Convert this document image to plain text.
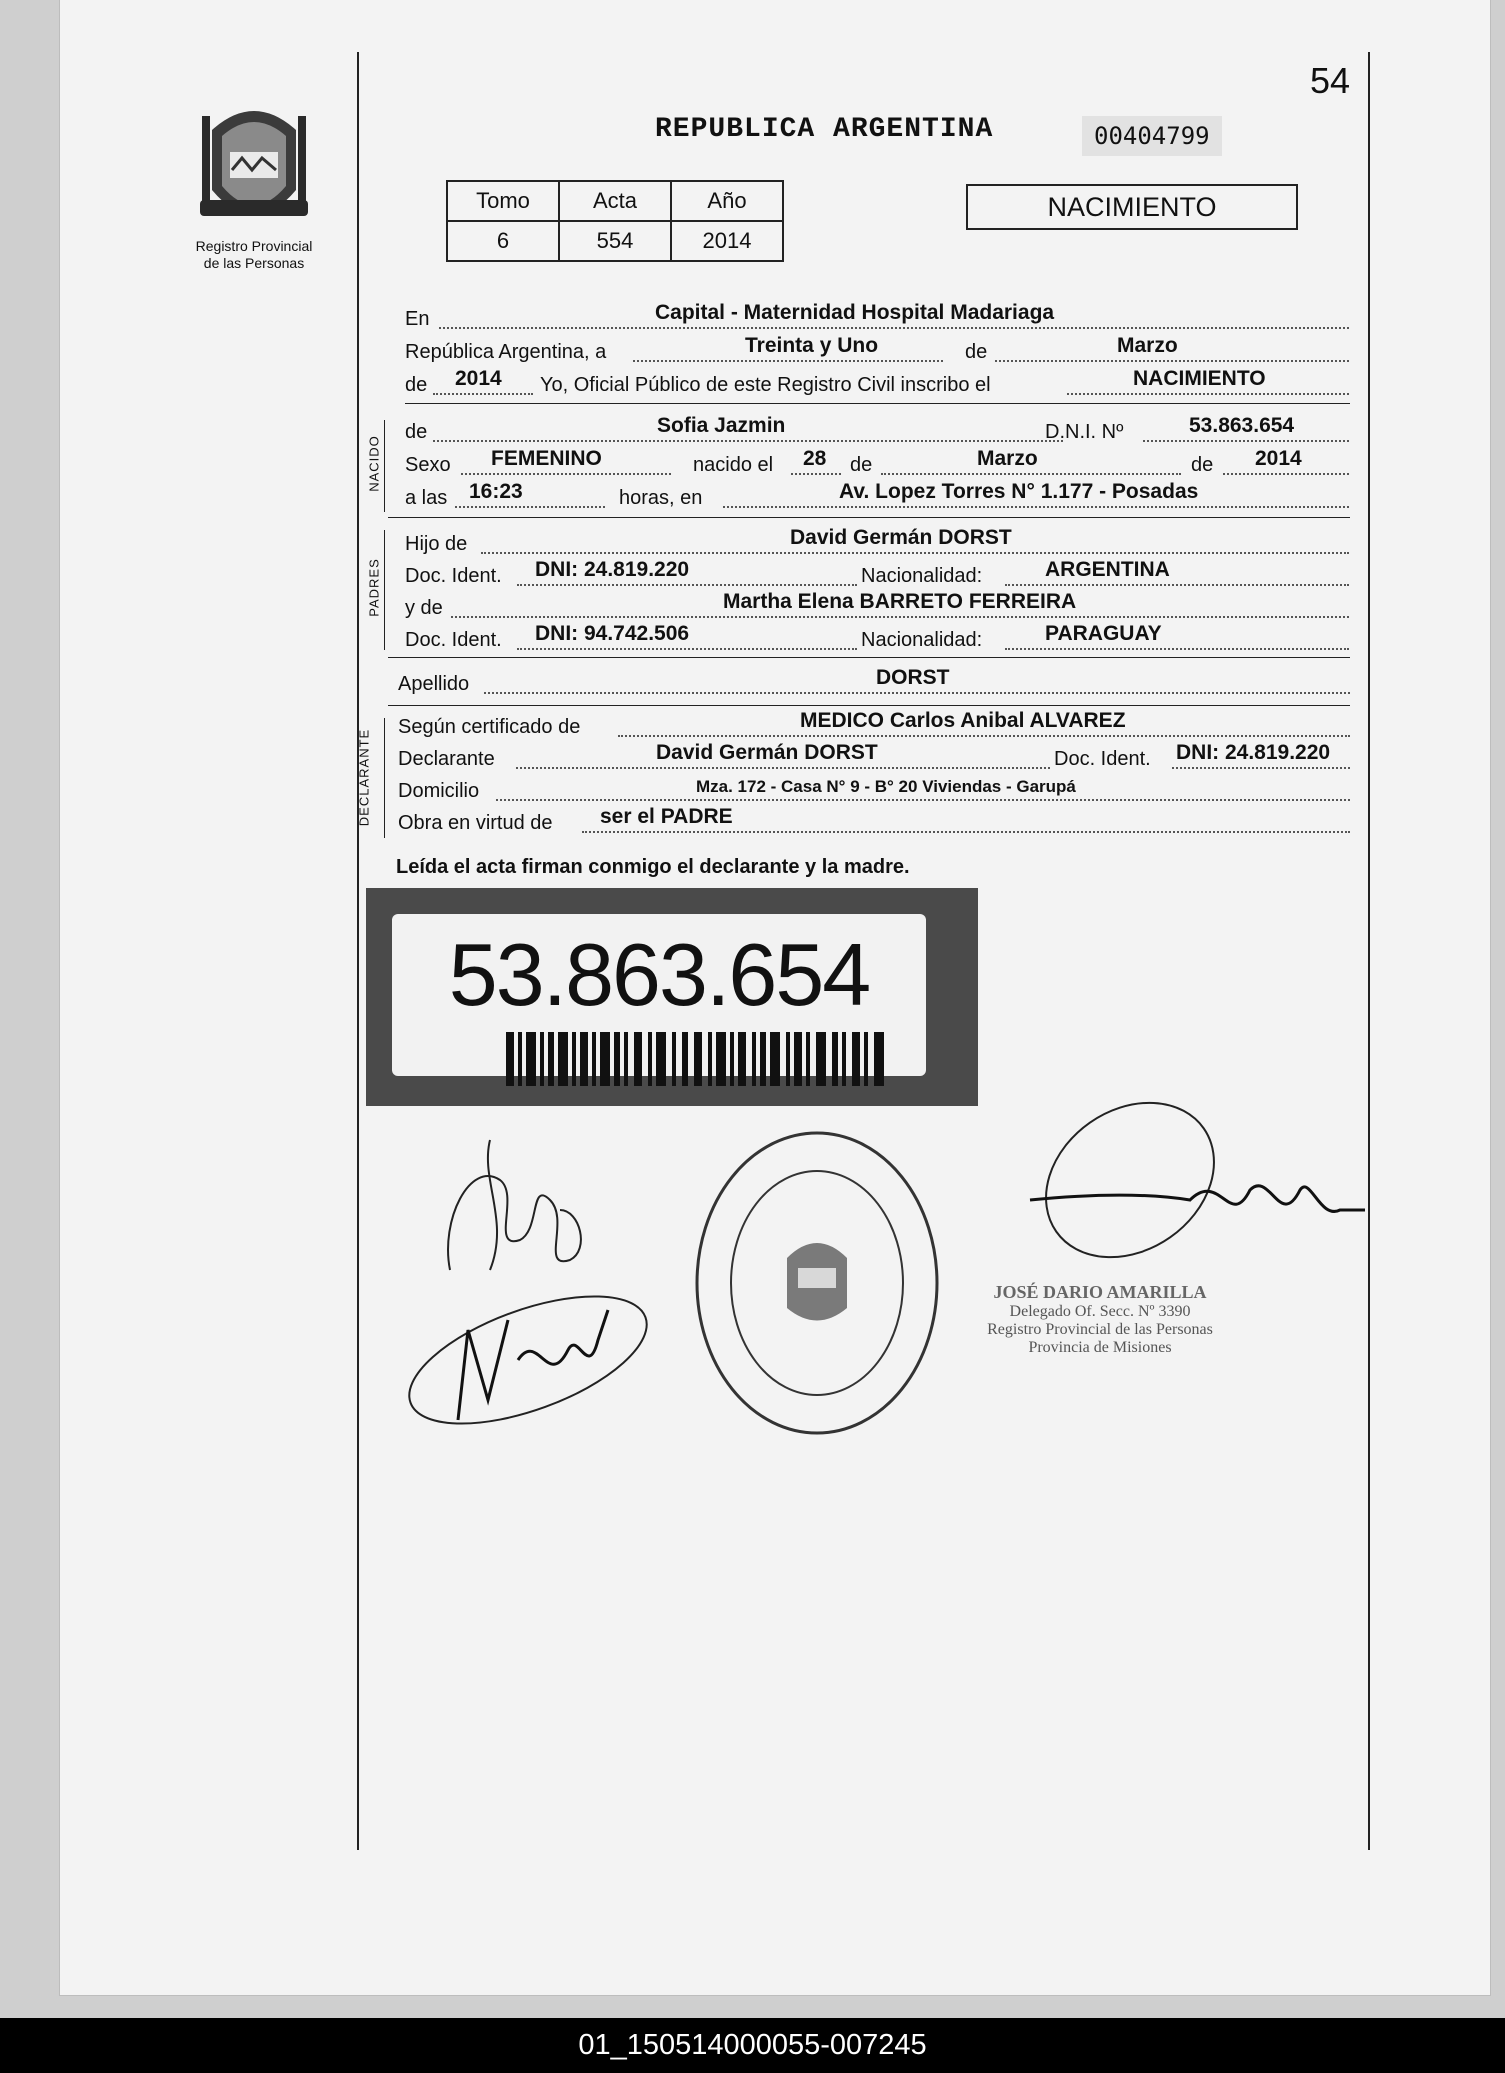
54
Registro Provincial
de las Personas
REPUBLICA ARGENTINA	00404799
Tomo	Acta	Año
6	554	2014
NACIMIENTO
En	Capital - Maternidad Hospital Madariaga
República Argentina, a	Treinta y Uno	de	Marzo
de 2014 Yo, Oficial Público de este Registro Civil inscribo el	NACIMIENTO
NACIDO
de	Sofia Jazmin	D.N.I. Nº	53.863.654
Sexo FEMENINO	nacido el 28 de	Marzo	de 2014
a las 16:23	horas, en	Av. Lopez Torres N° 1.177 - Posadas
PADRES
Hijo de	David Germán DORST
Doc. Ident. DNI: 24.819.220	Nacionalidad:	ARGENTINA
y de	Martha Elena BARRETO FERREIRA
Doc. Ident. DNI: 94.742.506	Nacionalidad:	PARAGUAY
Apellido	DORST
DECLARANTE
Según certificado de	MEDICO Carlos Anibal ALVAREZ
Declarante	David Germán DORST	Doc. Ident. DNI: 24.819.220
Domicilio	Mza. 172 - Casa N° 9 - B° 20 Viviendas - Garupá
Obra en virtud de ser el PADRE
Leída el acta firman conmigo el declarante y la madre.
53.863.654
JOSÉ DARIO AMARILLA
Delegado Of. Secc. Nº 3390
Registro Provincial de las Personas
Provincia de Misiones
01_150514000055-007245
